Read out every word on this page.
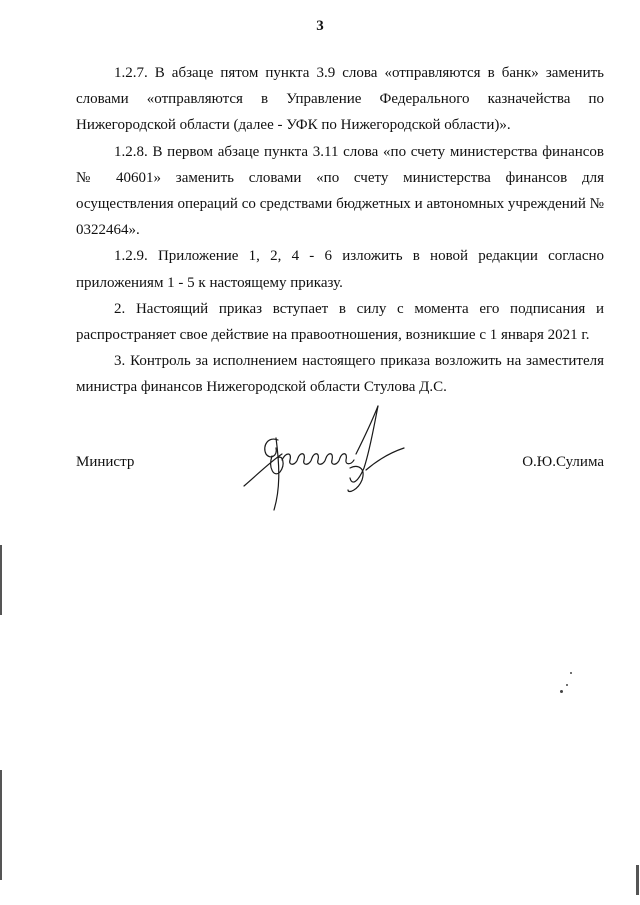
3

1.2.7. В абзаце пятом пункта 3.9 слова «отправляются в банк» заменить словами «отправляются в Управление Федерального казначейства по Нижегородской области (далее - УФК по Нижегородской области)».

1.2.8. В первом абзаце пункта 3.11 слова «по счету министерства финансов № 40601» заменить словами «по счету министерства финансов для осуществления операций со средствами бюджетных и автономных учреждений № 0322464».

1.2.9. Приложение 1, 2, 4 - 6 изложить в новой редакции согласно приложениям 1 - 5 к настоящему приказу.

2. Настоящий приказ вступает в силу с момента его подписания и распространяет свое действие на правоотношения, возникшие с 1 января 2021 г.

3. Контроль за исполнением настоящего приказа возложить на заместителя министра финансов Нижегородской области Стулова Д.С.

Министр	О.Ю.Сулима
